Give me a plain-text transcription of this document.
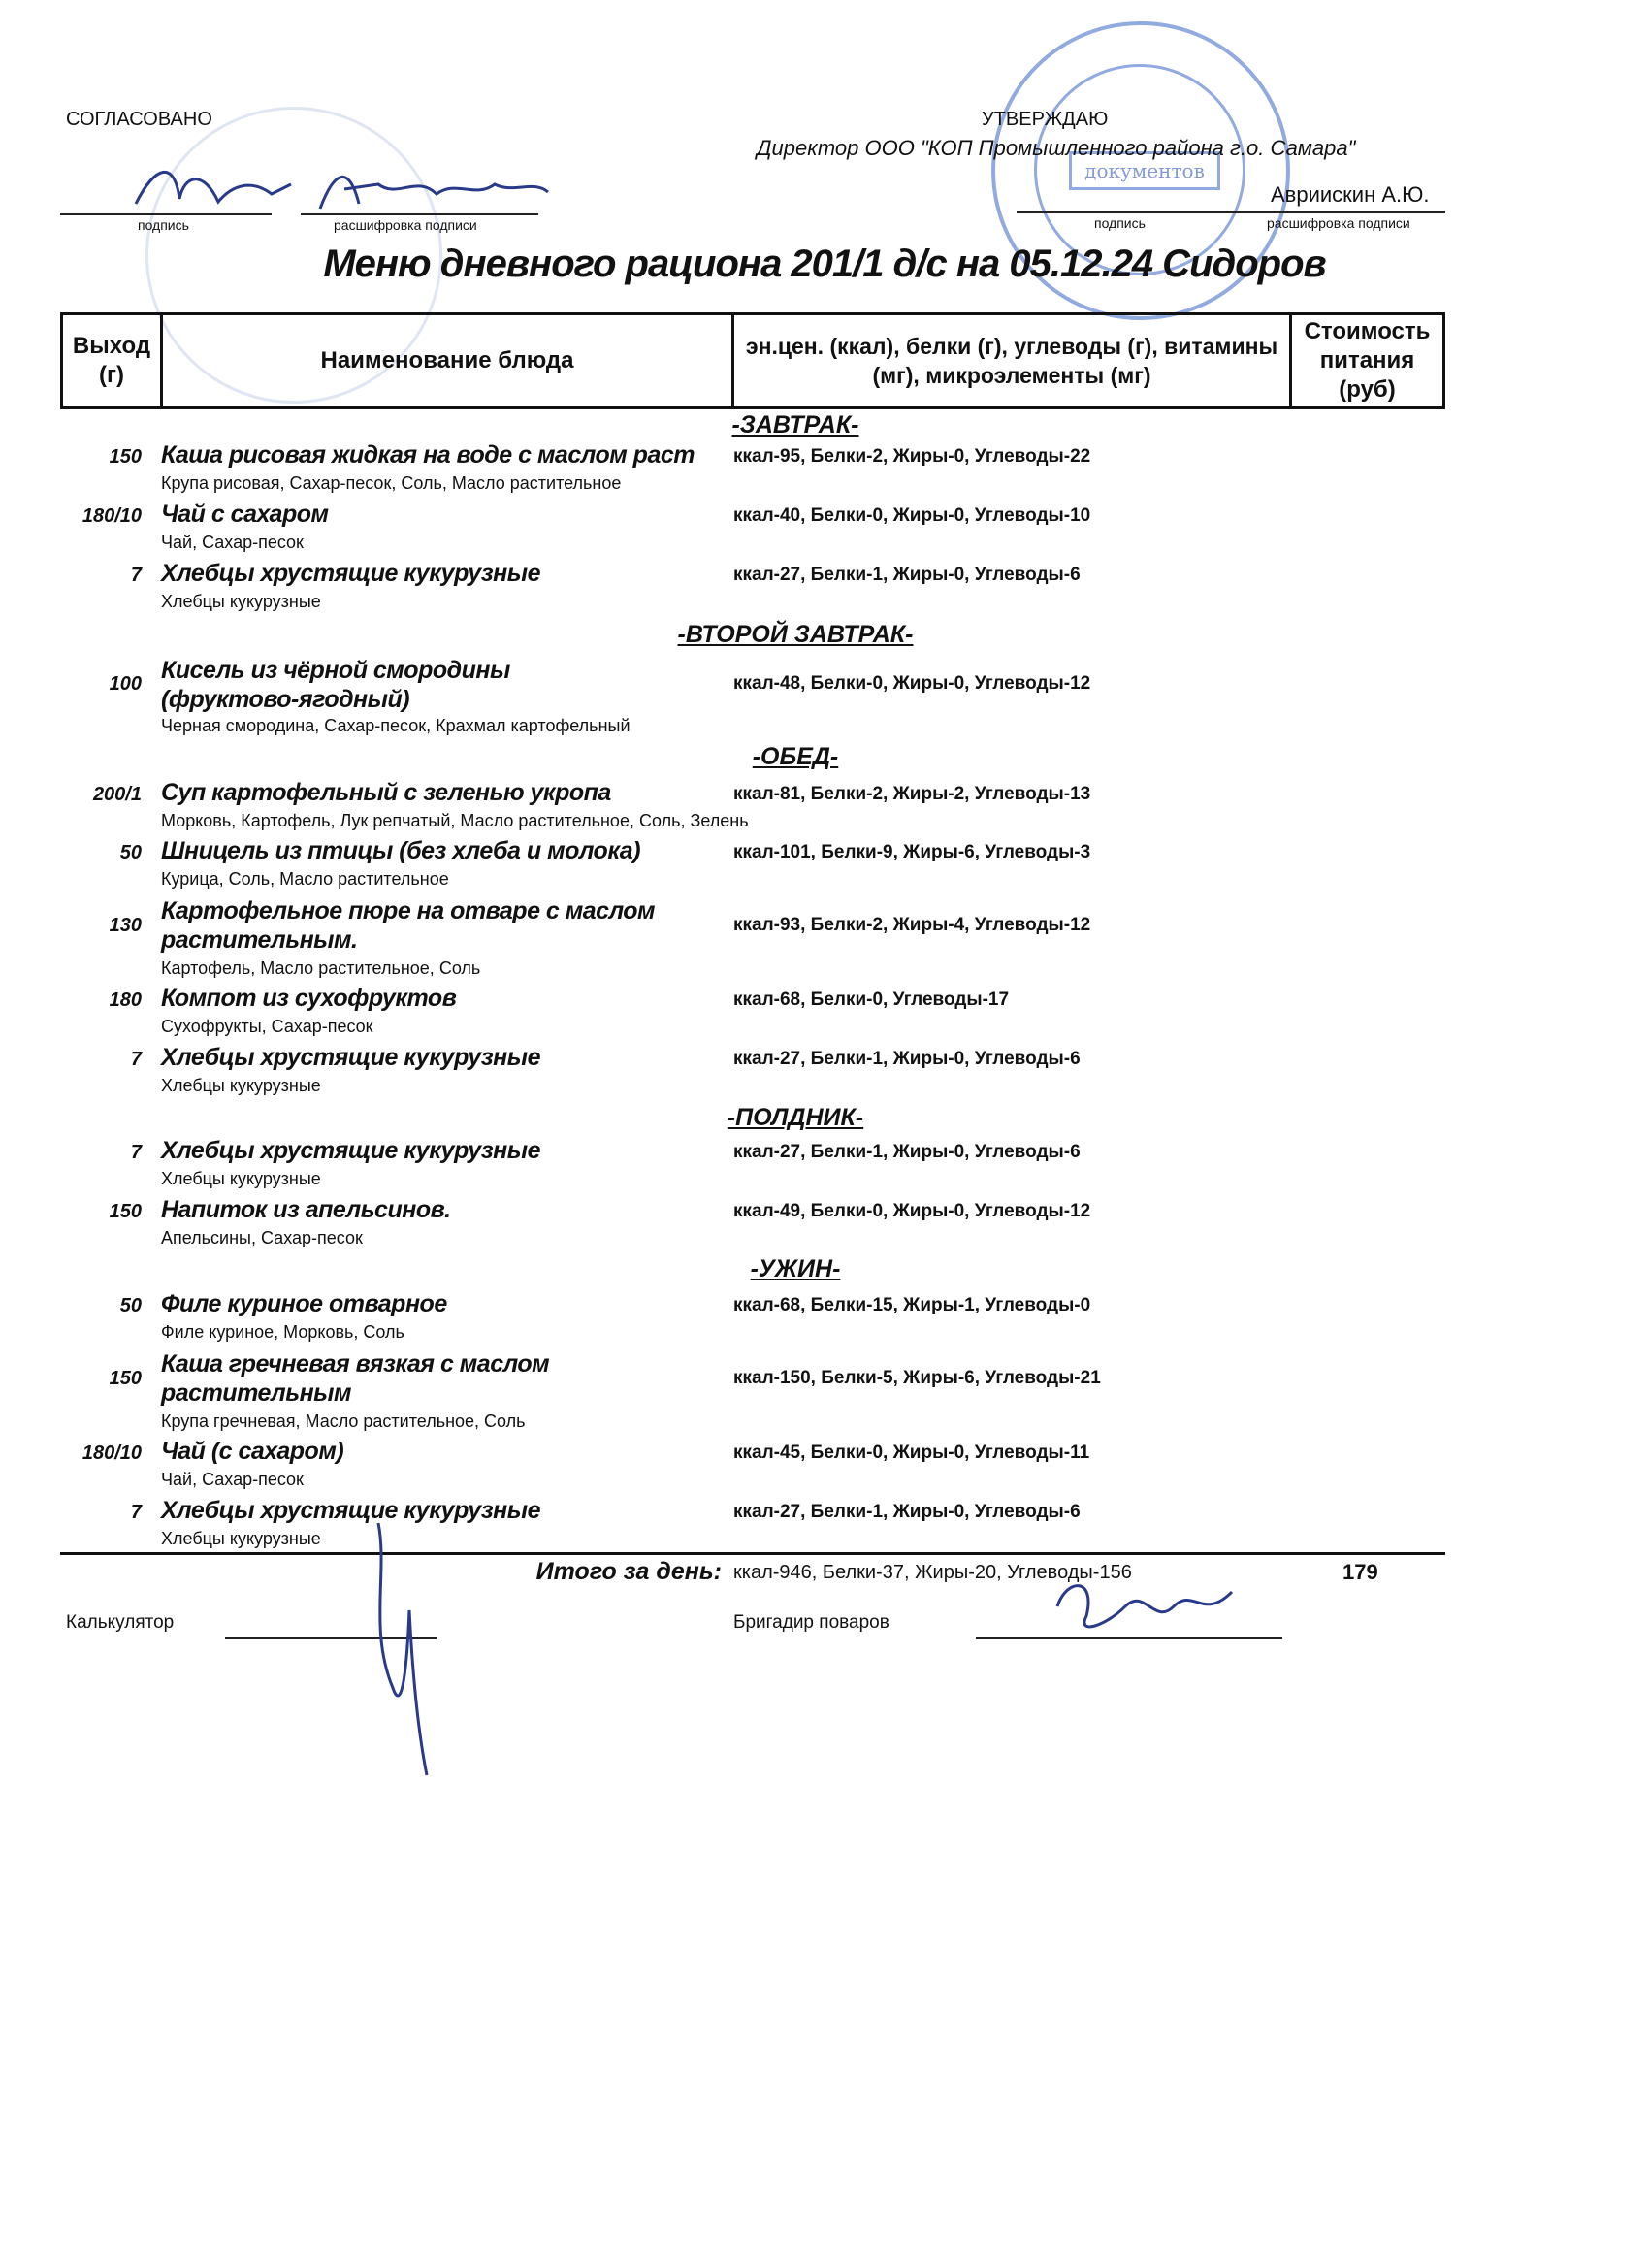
документов
СОГЛАСОВАНО
подпись	расшифровка подписи
УТВЕРЖДАЮ
Директор ООО "КОП Промышленного района г.о. Самара"
Авриискин А.Ю.
подпись	расшифровка подписи
Меню дневного рациона 201/1 д/с на 05.12.24 Сидоров
Выход (г)	Наименование блюда	эн.цен. (ккал), белки (г), углеводы (г), витамины (мг), микроэлементы (мг)	Стоимость питания (руб)
-ЗАВТРАК-
150 Каша рисовая жидкая на воде с маслом раст
Крупа рисовая, Сахар-песок, Соль, Масло растительное
ккал-95, Белки-2, Жиры-0, Углеводы-22
180/10 Чай с сахаром
Чай, Сахар-песок
ккал-40, Белки-0, Жиры-0, Углеводы-10
7 Хлебцы хрустящие кукурузные
Хлебцы кукурузные
ккал-27, Белки-1, Жиры-0, Углеводы-6
-ВТОРОЙ ЗАВТРАК-
100 Кисель из чёрной смородины (фруктово-ягодный)
Черная смородина, Сахар-песок, Крахмал картофельный
ккал-48, Белки-0, Жиры-0, Углеводы-12
-ОБЕД-
200/1 Суп картофельный с зеленью укропа
Морковь, Картофель, Лук репчатый, Масло растительное, Соль, Зелень
ккал-81, Белки-2, Жиры-2, Углеводы-13
50 Шницель из птицы (без хлеба и молока)
Курица, Соль, Масло растительное
ккал-101, Белки-9, Жиры-6, Углеводы-3
130
Картофельное пюре на отваре с маслом растительным.
Картофель, Масло растительное, Соль
ккал-93, Белки-2, Жиры-4, Углеводы-12
180 Компот из сухофруктов
Сухофрукты, Сахар-песок
ккал-68, Белки-0, Углеводы-17
7 Хлебцы хрустящие кукурузные
Хлебцы кукурузные
ккал-27, Белки-1, Жиры-0, Углеводы-6
-ПОЛДНИК-
7 Хлебцы хрустящие кукурузные
Хлебцы кукурузные
ккал-27, Белки-1, Жиры-0, Углеводы-6
150 Напиток из апельсинов.
Апельсины, Сахар-песок
ккал-49, Белки-0, Жиры-0, Углеводы-12
-УЖИН-
50 Филе куриное отварное
Филе куриное, Морковь, Соль
ккал-68, Белки-15, Жиры-1, Углеводы-0
150
Каша гречневая вязкая с маслом растительным
Крупа гречневая, Масло растительное, Соль
ккал-150, Белки-5, Жиры-6, Углеводы-21
180/10 Чай (с сахаром)
Чай, Сахар-песок
ккал-45, Белки-0, Жиры-0, Углеводы-11
7 Хлебцы хрустящие кукурузные
Хлебцы кукурузные
ккал-27, Белки-1, Жиры-0, Углеводы-6
Итого за день: ккал-946, Белки-37, Жиры-20, Углеводы-156	179
Калькулятор	Бригадир поваров
